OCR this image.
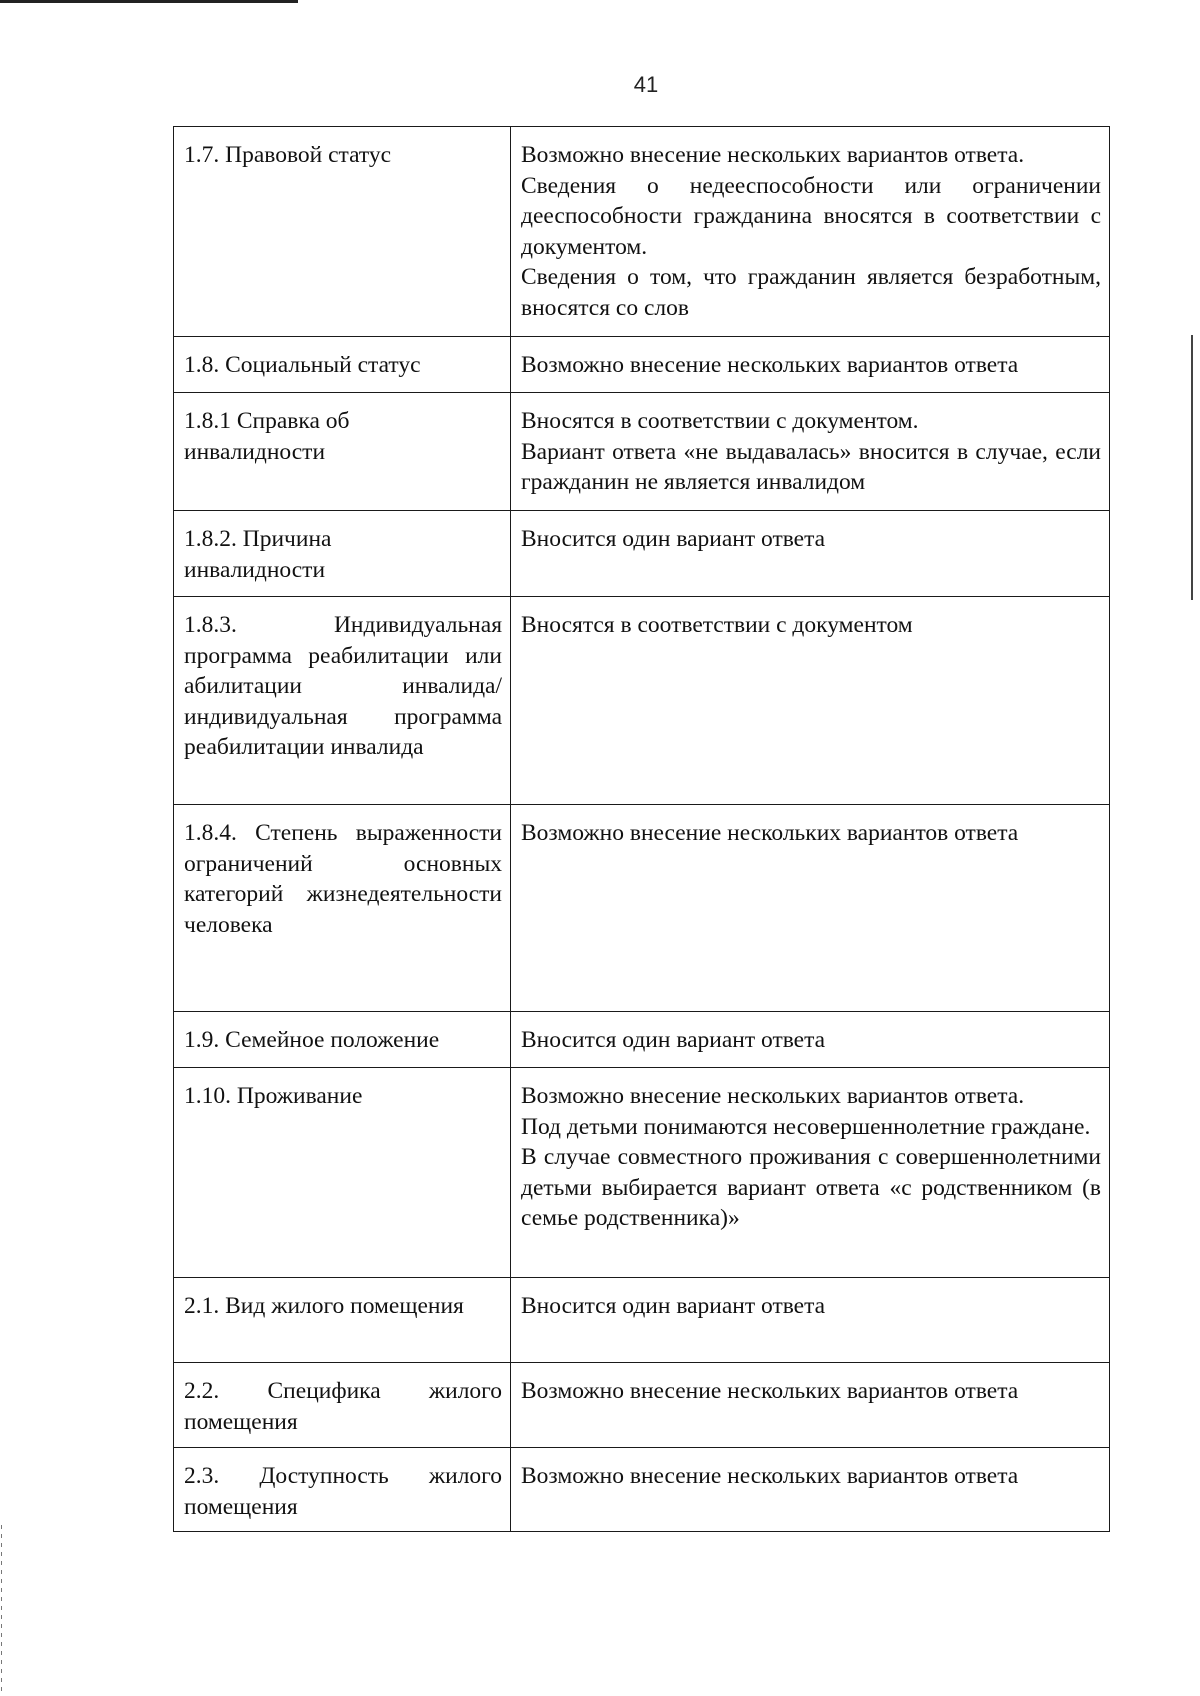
41
1.7. Правовой статус	Возможно внесение нескольких вариантов ответа.
Сведения о недееспособности или ограничении дееспособности гражданина вносятся в соответствии с документом.
Сведения о том, что гражданин является безработным, вносятся со слов

1.8. Социальный статус	Возможно внесение нескольких вариантов ответа

1.8.1 Справка об инвалидности	Вносятся в соответствии с документом.
Вариант ответа «не выдавалась» вносится в случае, если гражданин не является инвалидом

1.8.2. Причина инвалидности	Вносится один вариант ответа

1.8.3. Индивидуальная программа реабилитации или абилитации инвалида/ индивидуальная программа реабилитации инвалида	Вносятся в соответствии с документом

1.8.4. Степень выраженности ограничений основных категорий жизнедеятельности человека	Возможно внесение нескольких вариантов ответа

1.9. Семейное положение	Вносится один вариант ответа

1.10. Проживание	Возможно внесение нескольких вариантов ответа.
Под детьми понимаются несовершеннолетние граждане.
В случае совместного проживания с совершеннолетними детьми выбирается вариант ответа «с родственником (в семье родственника)»

2.1. Вид жилого помещения	Вносится один вариант ответа

2.2. Специфика жилого помещения	Возможно внесение нескольких вариантов ответа

2.3. Доступность жилого помещения	Возможно внесение нескольких вариантов ответа
